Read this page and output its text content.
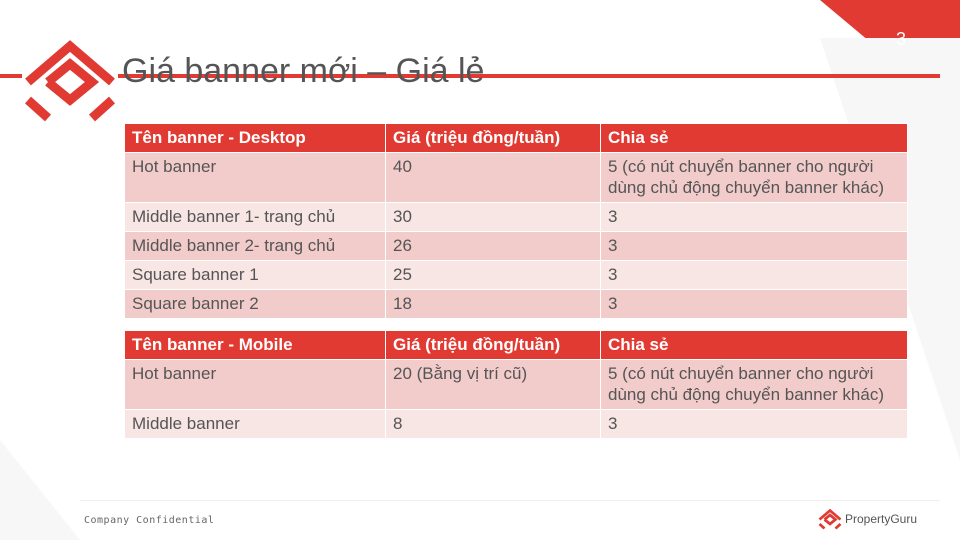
Giá banner mới – Giá lẻ
3
Tên banner - Desktop	Giá (triệu đồng/tuần)	Chia sẻ
Hot banner	40	5 (có nút chuyển banner cho người dùng chủ động chuyển banner khác)
Middle banner 1- trang chủ	30	3
Middle banner 2- trang chủ	26	3
Square banner 1	25	3
Square banner 2	18	3
Tên banner - Mobile	Giá (triệu đồng/tuần)	Chia sẻ
Hot banner	20 (Bằng vị trí cũ)	5 (có nút chuyển banner cho người dùng chủ động chuyển banner khác)
Middle banner	8	3
Company Confidential	PropertyGuru
